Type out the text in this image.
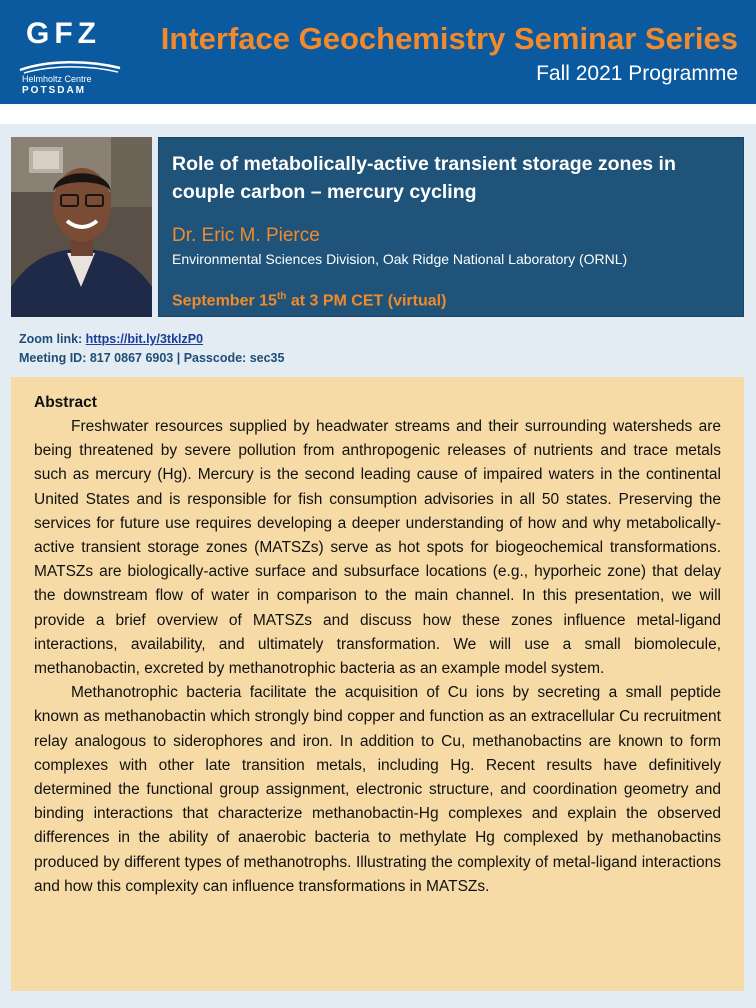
GFZ
Helmholtz Centre
POTSDAM
Interface Geochemistry Seminar Series
Fall 2021 Programme
Role of metabolically-active transient storage zones in couple carbon – mercury cycling
Dr. Eric M. Pierce
Environmental Sciences Division, Oak Ridge National Laboratory (ORNL)
September 15th at 3 PM CET (virtual)
Zoom link: https://bit.ly/3tklzP0
Meeting ID: 817 0867 6903 | Passcode: sec35

Abstract

Freshwater resources supplied by headwater streams and their surrounding watersheds are being threatened by severe pollution from anthropogenic releases of nutrients and trace metals such as mercury (Hg). Mercury is the second leading cause of impaired waters in the continental United States and is responsible for fish consumption advisories in all 50 states. Preserving the services for future use requires developing a deeper understanding of how and why metabolically-active transient storage zones (MATSZs) serve as hot spots for biogeochemical transformations. MATSZs are biologically-active surface and subsurface locations (e.g., hyporheic zone) that delay the downstream flow of water in comparison to the main channel. In this presentation, we will provide a brief overview of MATSZs and discuss how these zones influence metal-ligand interactions, availability, and ultimately transformation. We will use a small biomolecule, methanobactin, excreted by methanotrophic bacteria as an example model system.

Methanotrophic bacteria facilitate the acquisition of Cu ions by secreting a small peptide known as methanobactin which strongly bind copper and function as an extracellular Cu recruitment relay analogous to siderophores and iron. In addition to Cu, methanobactins are known to form complexes with other late transition metals, including Hg. Recent results have definitively determined the functional group assignment, electronic structure, and coordination geometry and binding interactions that characterize methanobactin-Hg complexes and explain the observed differences in the ability of anaerobic bacteria to methylate Hg complexed by methanobactins produced by different types of methanotrophs. Illustrating the complexity of metal-ligand interactions and how this complexity can influence transformations in MATSZs.
